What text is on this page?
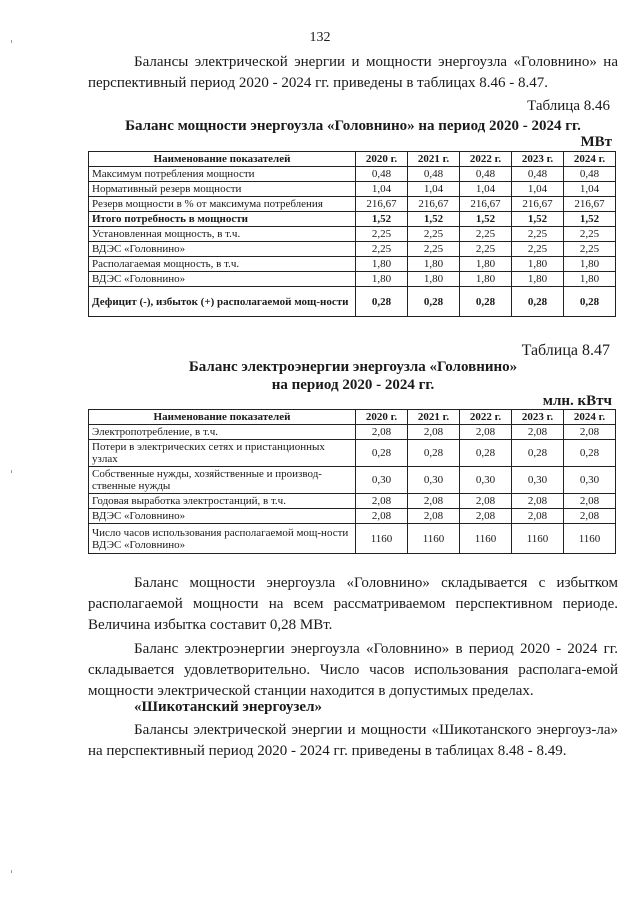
132
Балансы электрической энергии и мощности энергоузла «Головнино» на перспективный период 2020 - 2024 гг. приведены в таблицах 8.46 - 8.47.
Таблица 8.46
Баланс мощности энергоузла «Головнино» на период 2020 - 2024 гг.
МВт
Наименование показателей	2020 г.	2021 г.	2022 г.	2023 г.	2024 г.
Максимум потребления мощности	0,48	0,48	0,48	0,48	0,48
Нормативный резерв мощности	1,04	1,04	1,04	1,04	1,04
Резерв мощности в % от максимума потребления	216,67	216,67	216,67	216,67	216,67
Итого потребность в мощности	1,52	1,52	1,52	1,52	1,52
Установленная мощность, в т.ч.	2,25	2,25	2,25	2,25	2,25
ВДЭС «Головнино»	2,25	2,25	2,25	2,25	2,25
Располагаемая мощность, в т.ч.	1,80	1,80	1,80	1,80	1,80
ВДЭС «Головнино»	1,80	1,80	1,80	1,80	1,80
Дефицит (-), избыток (+) располагаемой мощ-ности	0,28	0,28	0,28	0,28	0,28
Таблица 8.47
Баланс электроэнергии энергоузла «Головнино»
на период 2020 - 2024 гг.
млн. кВтч
Наименование показателей	2020 г.	2021 г.	2022 г.	2023 г.	2024 г.
Электропотребление, в т.ч.	2,08	2,08	2,08	2,08	2,08
Потери в электрических сетях и пристанционных узлах	0,28	0,28	0,28	0,28	0,28
Собственные нужды, хозяйственные и производ-ственные нужды	0,30	0,30	0,30	0,30	0,30
Годовая выработка электростанций, в т.ч.	2,08	2,08	2,08	2,08	2,08
ВДЭС «Головнино»	2,08	2,08	2,08	2,08	2,08
Число часов использования располагаемой мощ-ности ВДЭС «Головнино»	1160	1160	1160	1160	1160
Баланс мощности энергоузла «Головнино» складывается с избытком располагаемой мощности на всем рассматриваемом перспективном периоде. Величина избытка составит 0,28 МВт.
Баланс электроэнергии энергоузла «Головнино» в период 2020 - 2024 гг. складывается удовлетворительно. Число часов использования располага-емой мощности электрической станции находится в допустимых пределах.
«Шикотанский энергоузел»
Балансы электрической энергии и мощности «Шикотанского энергоуз-ла» на перспективный период 2020 - 2024 гг. приведены в таблицах 8.48 - 8.49.
